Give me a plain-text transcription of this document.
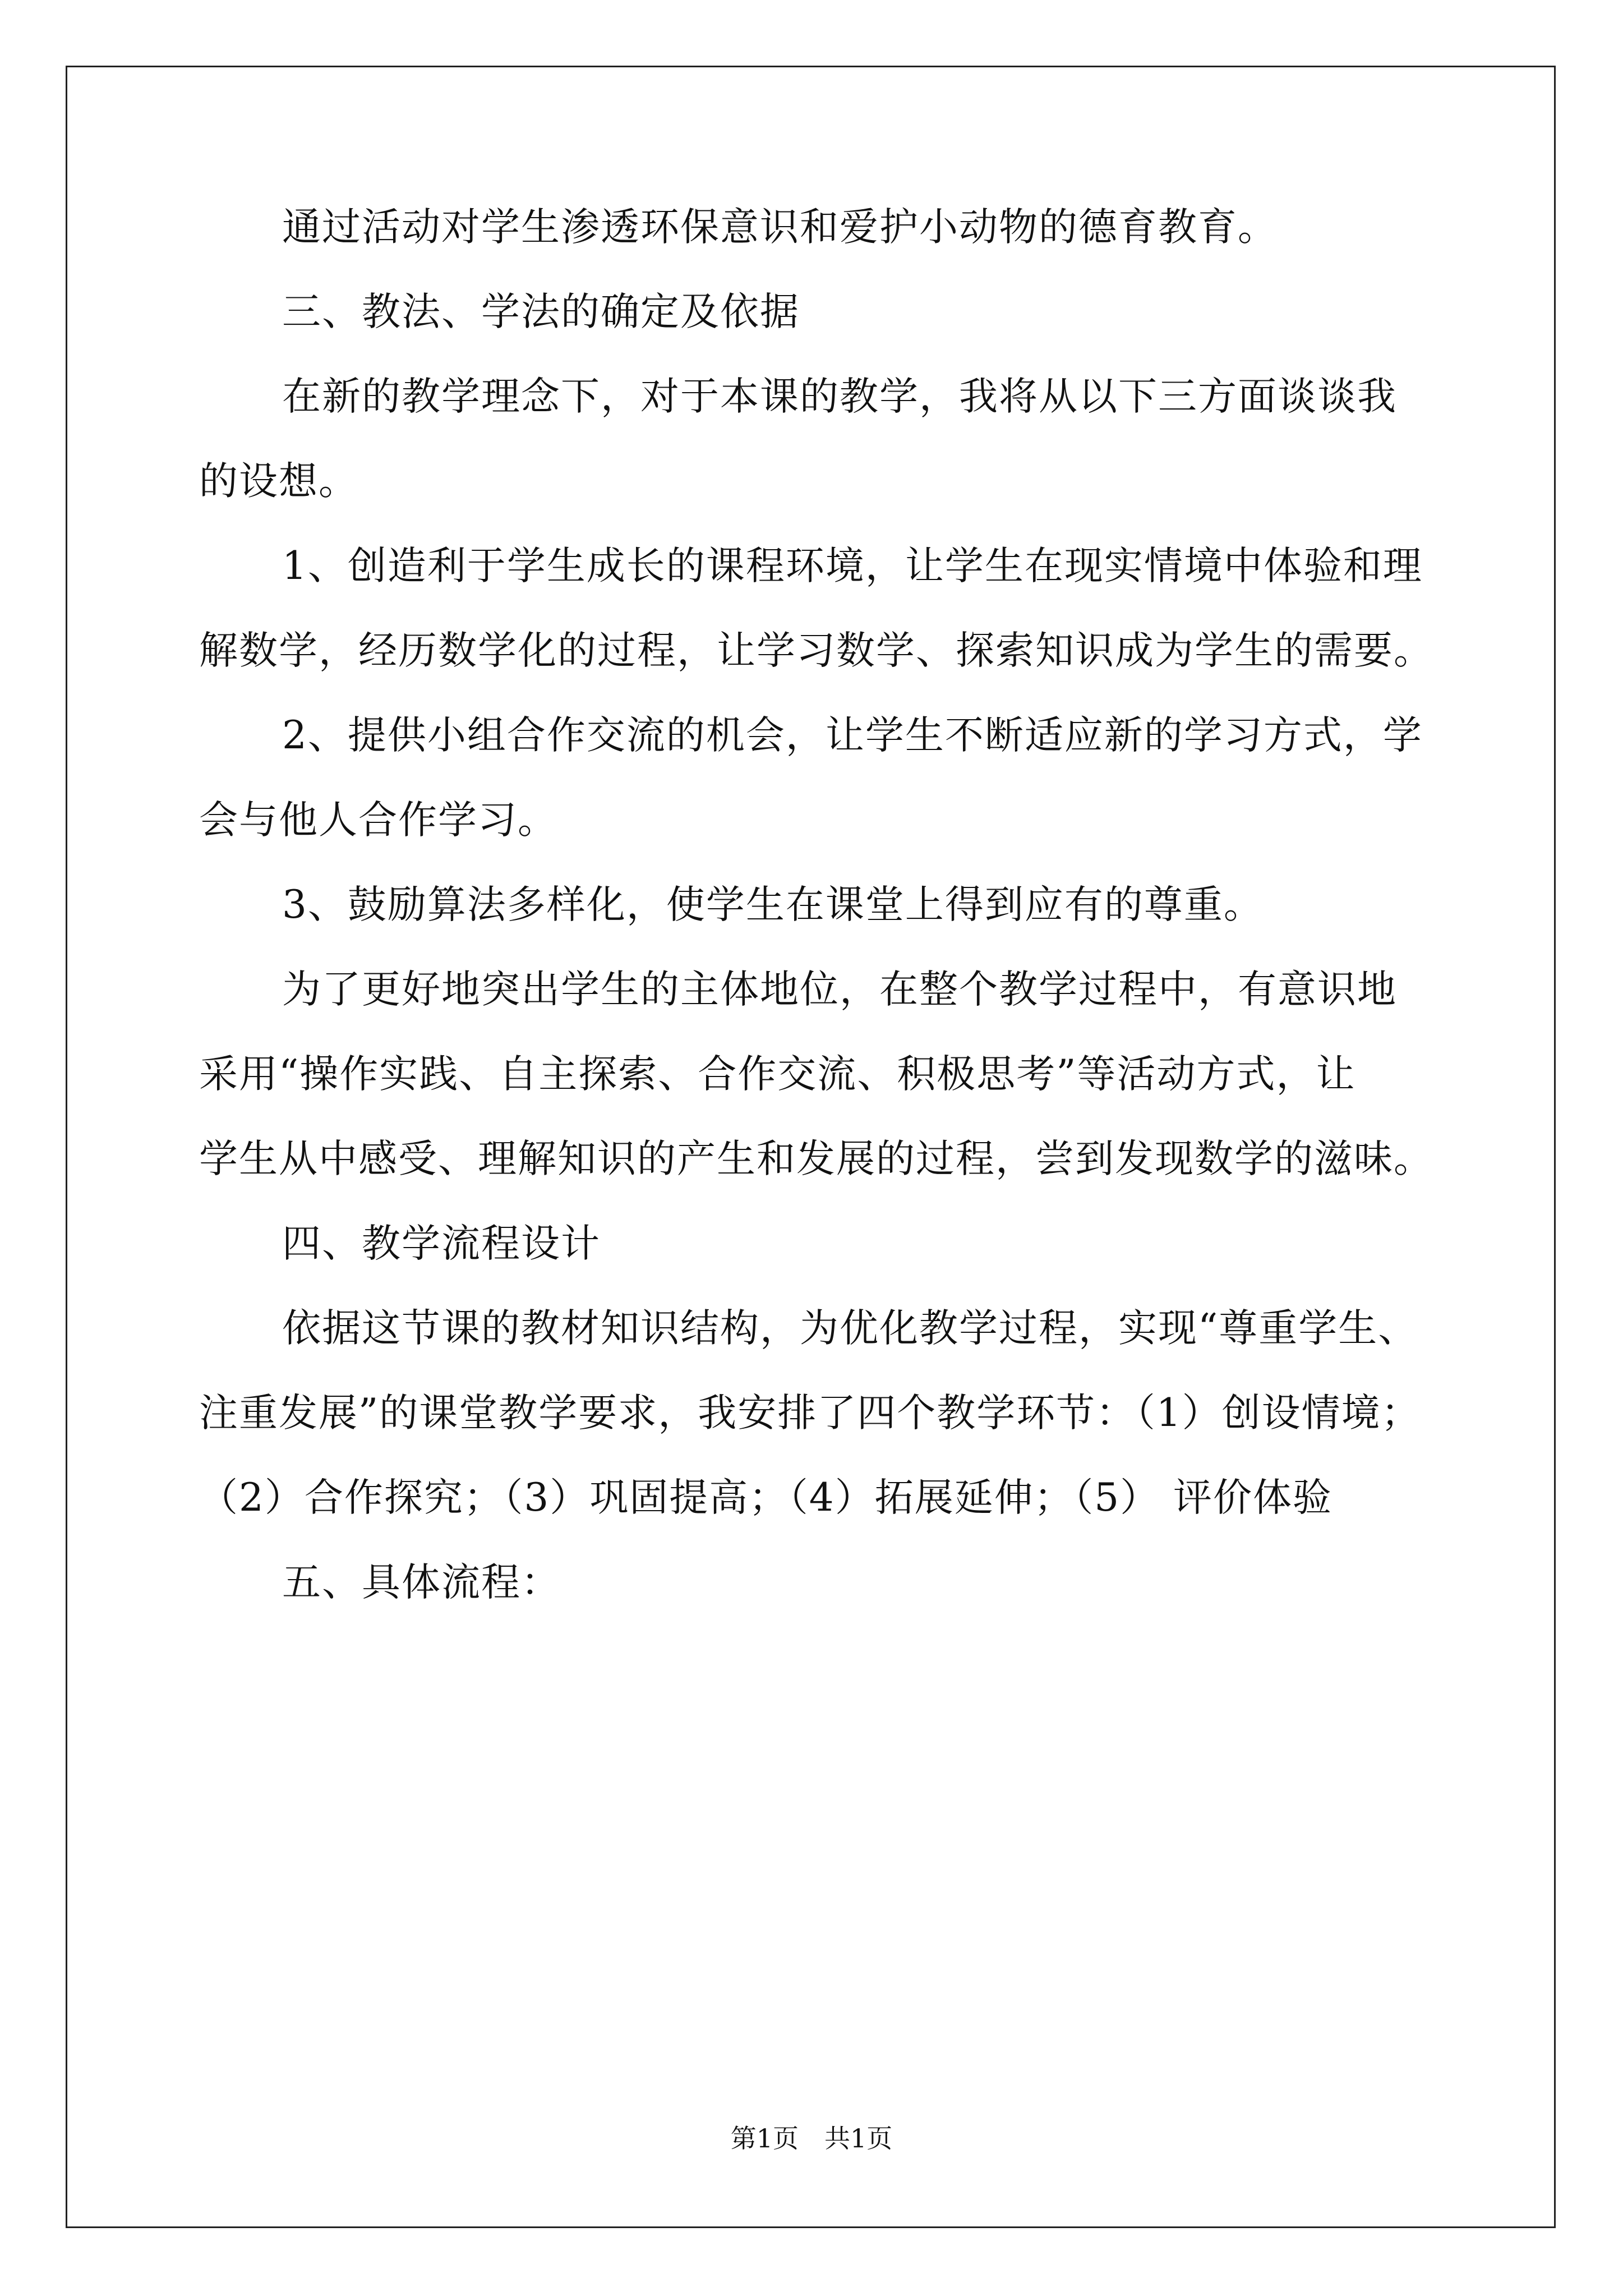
通过活动对学生渗透环保意识和爱护小动物的德育教育。

三、教法、学法的确定及依据

在新的教学理念下，对于本课的教学，我将从以下三方面谈谈我

的设想。

1、创造利于学生成长的课程环境，让学生在现实情境中体验和理

解数学，经历数学化的过程，让学习数学、探索知识成为学生的需要。

2、提供小组合作交流的机会，让学生不断适应新的学习方式，学

会与他人合作学习。

3、鼓励算法多样化，使学生在课堂上得到应有的尊重。

为了更好地突出学生的主体地位，在整个教学过程中，有意识地

采用“操作实践、自主探索、合作交流、积极思考”等活动方式，让

学生从中感受、理解知识的产生和发展的过程，尝到发现数学的滋味。

四、教学流程设计

依据这节课的教材知识结构，为优化教学过程，实现“尊重学生、

注重发展”的课堂教学要求，我安排了四个教学环节：（1）创设情境；

（2）合作探究；（3）巩固提高；（4）拓展延伸；（5） 评价体验

五、具体流程：

第1页　共1页
